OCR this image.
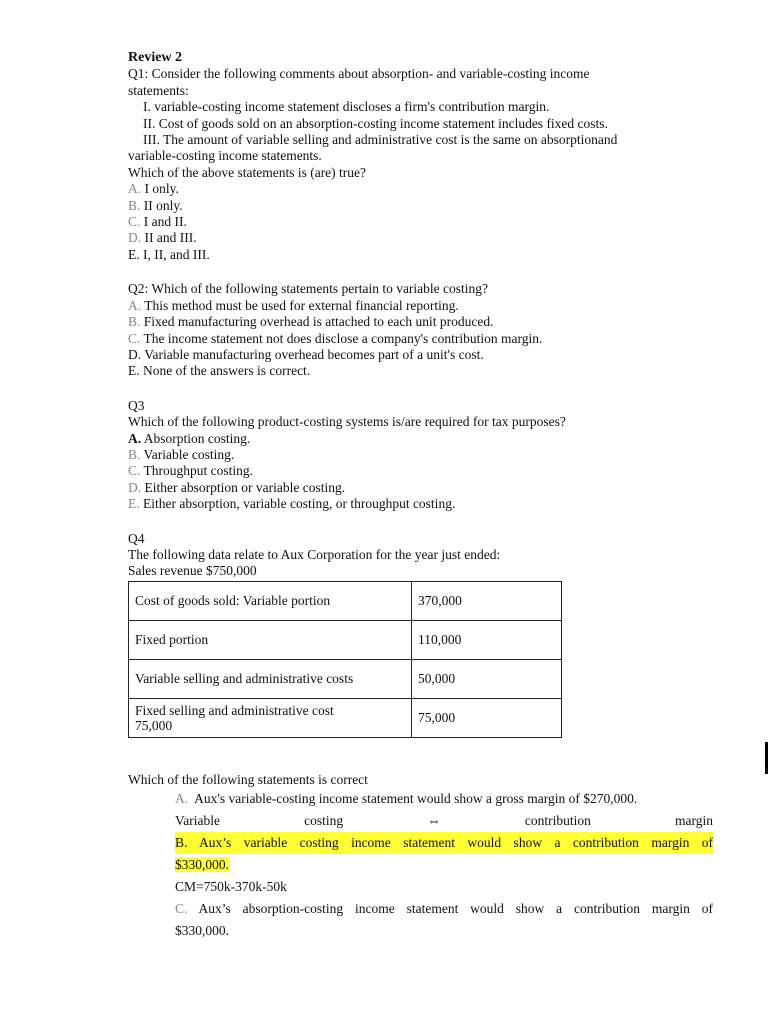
Review 2
Q1: Consider the following comments about absorption- and variable-costing income
statements:
I. variable-costing income statement discloses a firm's contribution margin.
II. Cost of goods sold on an absorption-costing income statement includes fixed costs.
III. The amount of variable selling and administrative cost is the same on absorptionand
variable-costing income statements.
Which of the above statements is (are) true?
A. I only.
B. II only.
C. I and II.
D. II and III.
E. I, II, and III.
Q2: Which of the following statements pertain to variable costing?
A. This method must be used for external financial reporting.
B. Fixed manufacturing overhead is attached to each unit produced.
C. The income statement not does disclose a company's contribution margin.
D. Variable manufacturing overhead becomes part of a unit's cost.
E. None of the answers is correct.
Q3
Which of the following product-costing systems is/are required for tax purposes?
A. Absorption costing.
B. Variable costing.
C. Throughput costing.
D. Either absorption or variable costing.
E. Either absorption, variable costing, or throughput costing.
Q4
The following data relate to Aux Corporation for the year just ended:
Sales revenue $750,000
Cost of goods sold: Variable portion	370,000
Fixed portion	110,000
Variable selling and administrative costs	50,000

Fixed selling and administrative cost
75,000	75,000
Which of the following statements is correct
A. Aux's variable-costing income statement would show a gross margin of $270,000.
Variable	costing	⇔	contribution	margin
B. Aux’s variable costing income statement would show a contribution margin of
$330,000.
CM=750k-370k-50k
C. Aux’s absorption-costing income statement would show a contribution margin of
$330,000.
